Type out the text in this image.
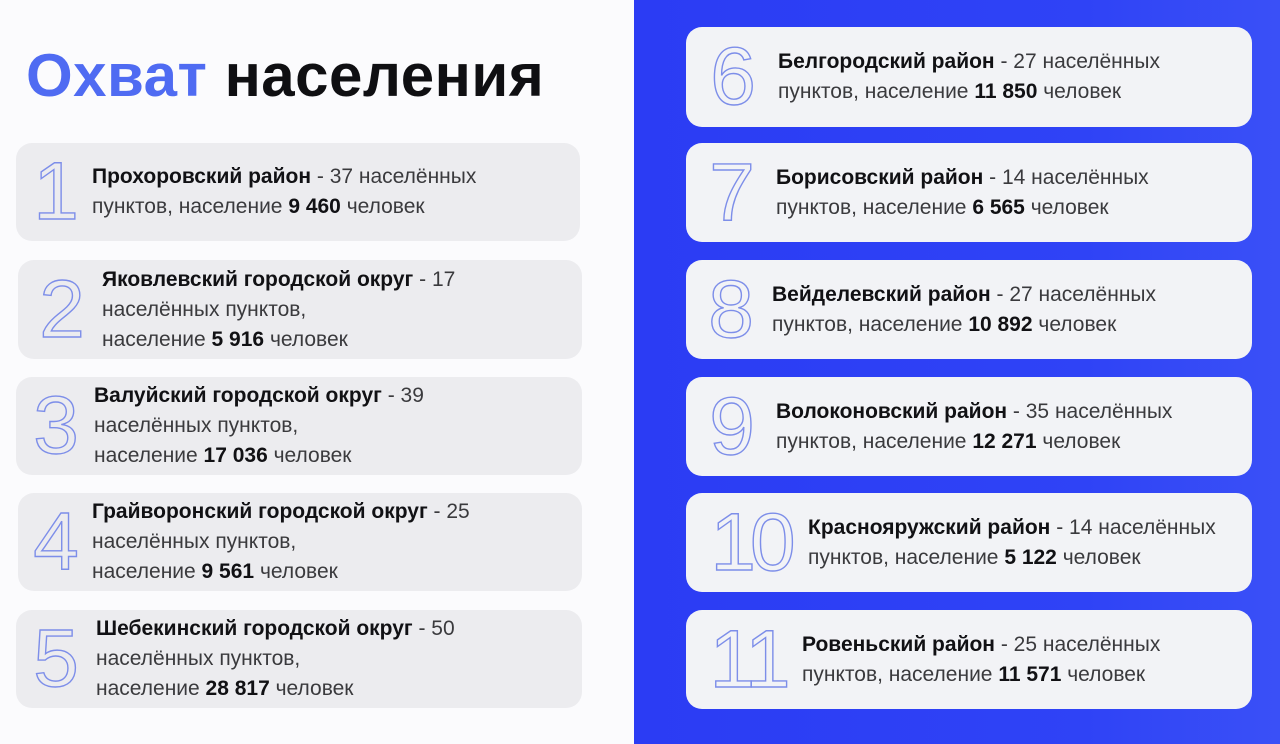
Охват населения
1 Прохоровский район - 37 населённых
пунктов, население 9 460 человек
2 Яковлевский городской округ - 17
населённых пунктов,
население 5 916 человек
3 Валуйский городской округ - 39
населённых пунктов,
население 17 036 человек
4 Грайворонский городской округ - 25
населённых пунктов,
население 9 561 человек
5 Шебекинский городской округ - 50
населённых пунктов,
население 28 817 человек
6	Белгородский район - 27 населённых
пунктов, население 11 850 человек
7	Борисовский район - 14 населённых
пунктов, население 6 565 человек
8 Вейделевский район - 27 населённых
пунктов, население 10 892 человек
9	Волоконовский район - 35 населённых
пунктов, население 12 271 человек
10 Краснояружский район - 14 населённых
пунктов, население 5 122 человек
11 Ровеньский район - 25 населённых
пунктов, население 11 571 человек
